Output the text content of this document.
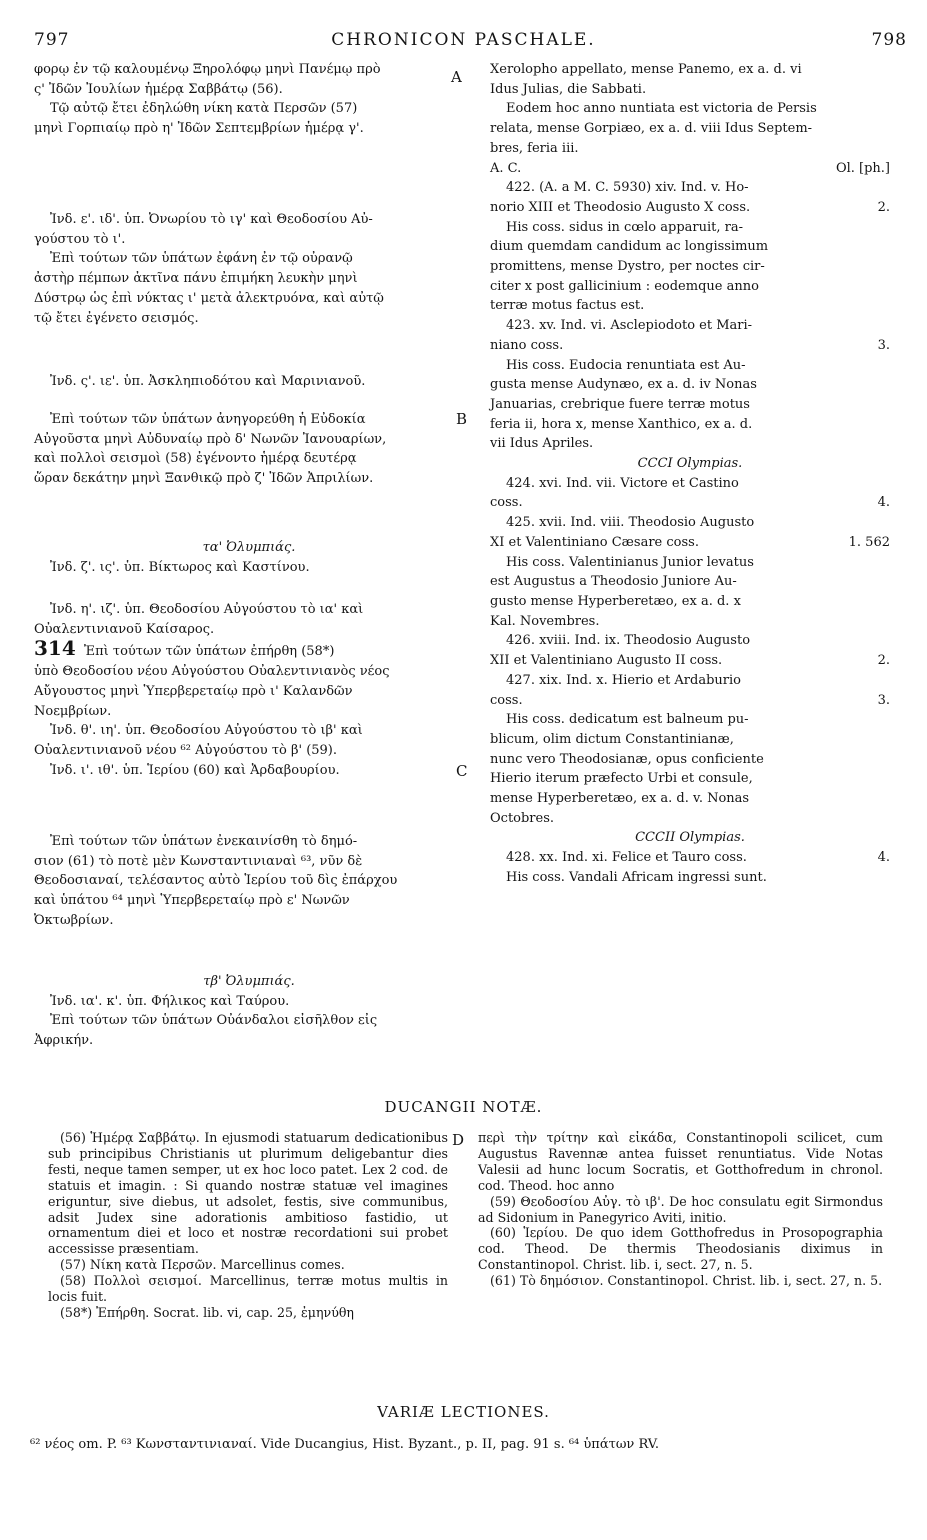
797	CHRONICON PASCHALE.	798
A
B
C
D

φορῳ ἐν τῷ καλουμένῳ Ξηρολόφῳ μηνὶ Πανέμῳ πρὸ

ς' Ἰδῶν Ἰουλίων ἡμέρᾳ Σαββάτῳ (56).

Τῷ αὐτῷ ἔτει ἐδηλώθη νίκη κατὰ Περσῶν (57)

μηνὶ Γορπιαίῳ πρὸ η' Ἰδῶν Σεπτεμβρίων ἡμέρᾳ γ'.

Ἰνδ. ε'. ιδ'. ὑπ. Ὀνωρίου τὸ ιγ' καὶ Θεοδοσίου Αὐ-

γούστου τὸ ι'.

Ἐπὶ τούτων τῶν ὑπάτων ἐφάνη ἐν τῷ οὐρανῷ

ἀστὴρ πέμπων ἀκτῖνα πάνυ ἐπιμήκη λευκὴν μηνὶ

Δύστρῳ ὡς ἐπὶ νύκτας ι' μετὰ ἀλεκτρυόνα, καὶ αὐτῷ

τῷ ἔτει ἐγένετο σεισμός.

Ἰνδ. ς'. ιε'. ὑπ. Ἀσκληπιοδότου καὶ Μαρινιανοῦ.

Ἐπὶ τούτων τῶν ὑπάτων ἀνηγορεύθη ἡ Εὐδοκία

Αὐγοῦστα μηνὶ Αὐδυναίῳ πρὸ δ' Νωνῶν Ἰανουαρίων,

καὶ πολλοὶ σεισμοὶ (58) ἐγένοντο ἡμέρᾳ δευτέρᾳ

ὥραν δεκάτην μηνὶ Ξανθικῷ πρὸ ζ' Ἰδῶν Ἀπριλίων.

τα' Ὀλυμπιάς.

Ἰνδ. ζ'. ις'. ὑπ. Βίκτωρος καὶ Καστίνου.

Ἰνδ. η'. ιζ'. ὑπ. Θεοδοσίου Αὐγούστου τὸ ια' καὶ

Οὐαλεντινιανοῦ Καίσαρος.

314 Ἐπὶ τούτων τῶν ὑπάτων ἐπήρθη (58*)

ὑπὸ Θεοδοσίου νέου Αὐγούστου Οὐαλεντινιανὸς νέος

Αὔγουστος μηνὶ Ὑπερβερεταίῳ πρὸ ι' Καλανδῶν

Νοεμβρίων.

Ἰνδ. θ'. ιη'. ὑπ. Θεοδοσίου Αὐγούστου τὸ ιβ' καὶ

Οὐαλεντινιανοῦ νέου ⁶² Αὐγούστου τὸ β' (59).

Ἰνδ. ι'. ιθ'. ὑπ. Ἱερίου (60) καὶ Ἀρδαβουρίου.

Ἐπὶ τούτων τῶν ὑπάτων ἐνεκαινίσθη τὸ δημό-

σιον (61) τὸ ποτὲ μὲν Κωνσταντινιαναὶ ⁶³, νῦν δὲ

Θεοδοσιαναί, τελέσαντος αὐτὸ Ἱερίου τοῦ δὶς ἐπάρχου

καὶ ὑπάτου ⁶⁴ μηνὶ Ὑπερβερεταίῳ πρὸ ε' Νωνῶν

Ὀκτωβρίων.

τβ' Ὀλυμπιάς.

Ἰνδ. ια'. κ'. ὑπ. Φήλικος καὶ Ταύρου.

Ἐπὶ τούτων τῶν ὑπάτων Οὐάνδαλοι εἰσῆλθον εἰς

Ἀφρικήν.

Xerolopho appellato, mense Panemo, ex a. d. vi

Idus Julias, die Sabbati.

Eodem hoc anno nuntiata est victoria de Persis

relata, mense Gorpiæo, ex a. d. viii Idus Septem-

bres, feria iii.

A. C.	Ol. [ph.]

422. (A. a M. C. 5930) xiv. Ind. v. Ho-

norio XIII et Theodosio Augusto X coss.	2.

His coss. sidus in cœlo apparuit, ra-

dium quemdam candidum ac longissimum

promittens, mense Dystro, per noctes cir-

citer x post gallicinium : eodemque anno

terræ motus factus est.

423. xv. Ind. vi. Asclepiodoto et Mari-

niano coss.	3.

His coss. Eudocia renuntiata est Au-

gusta mense Audynæo, ex a. d. iv Nonas

Januarias, crebrique fuere terræ motus

feria ii, hora x, mense Xanthico, ex a. d.

vii Idus Apriles.

CCCI Olympias.

424. xvi. Ind. vii. Victore et Castino

coss.	4.

425. xvii. Ind. viii. Theodosio Augusto

XI et Valentiniano Cæsare coss.	1. 562

His coss. Valentinianus Junior levatus

est Augustus a Theodosio Juniore Au-

gusto mense Hyperberetæo, ex a. d. x

Kal. Novembres.

426. xviii. Ind. ix. Theodosio Augusto

XII et Valentiniano Augusto II coss.	2.

427. xix. Ind. x. Hierio et Ardaburio

coss.	3.

His coss. dedicatum est balneum pu-

blicum, olim dictum Constantinianæ,

nunc vero Theodosianæ, opus conficiente

Hierio iterum præfecto Urbi et consule,

mense Hyperberetæo, ex a. d. v. Nonas

Octobres.

CCCII Olympias.

428. xx. Ind. xi. Felice et Tauro coss.	4.

His coss. Vandali Africam ingressi sunt.

DUCANGII NOTÆ.

(56) Ἡμέρᾳ Σαββάτῳ. In ejusmodi statuarum dedicationibus sub principibus Christianis ut plurimum deligebantur dies festi, neque tamen semper, ut ex hoc loco patet. Lex 2 cod. de statuis et imagin. : Si quando nostræ statuæ vel imagines eriguntur, sive diebus, ut adsolet, festis, sive communibus, adsit Judex sine adorationis ambitioso fastidio, ut ornamentum diei et loco et nostræ recordationi sui probet accessisse præsentiam.

(57) Νίκη κατὰ Περσῶν. Marcellinus comes.

(58) Πολλοὶ σεισμοί. Marcellinus, terræ motus multis in locis fuit.

(58*) Ἐπήρθη. Socrat. lib. vi, cap. 25, ἐμηνύθη

περὶ τὴν τρίτην καὶ εἰκάδα, Constantinopoli scilicet, cum Augustus Ravennæ antea fuisset renuntiatus. Vide Notas Valesii ad hunc locum Socratis, et Gotthofredum in chronol. cod. Theod. hoc anno

(59) Θεοδοσίου Αὐγ. τὸ ιβ'. De hoc consulatu egit Sirmondus ad Sidonium in Panegyrico Aviti, initio.

(60) Ἱερίου. De quo idem Gotthofredus in Prosopographia cod. Theod. De thermis Theodosianis diximus in Constantinopol. Christ. lib. i, sect. 27, n. 5.

(61) Τὸ δημόσιον. Constantinopol. Christ. lib. i, sect. 27, n. 5.

VARIÆ LECTIONES.
⁶² νέος om. P. ⁶³ Κωνσταντινιαναί. Vide Ducangius, Hist. Byzant., p. II, pag. 91 s. ⁶⁴ ὑπάτων RV.
